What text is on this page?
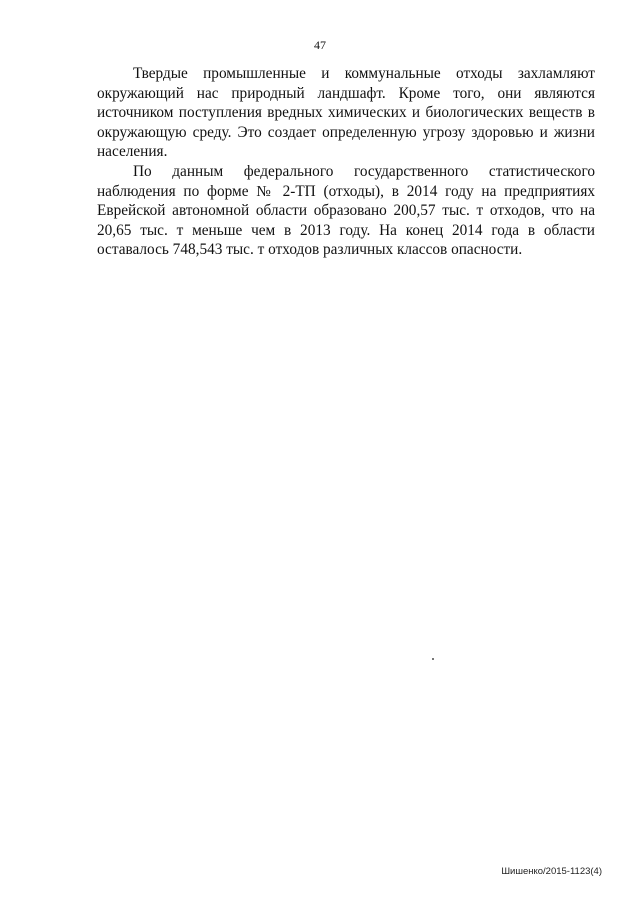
47

Твердые промышленные и коммунальные отходы захламляют окружающий нас природный ландшафт. Кроме того, они являются источником поступления вредных химических и биологических веществ в окружающую среду. Это создает определенную угрозу здоровью и жизни населения.

По данным федерального государственного статистического наблюдения по форме № 2-ТП (отходы), в 2014 году на предприятиях Еврейской автономной области образовано 200,57 тыс. т отходов, что на 20,65 тыс. т меньше чем в 2013 году. На конец 2014 года в области оставалось 748,543 тыс. т отходов различных классов опасности.

Шишенко/2015-1123(4)
